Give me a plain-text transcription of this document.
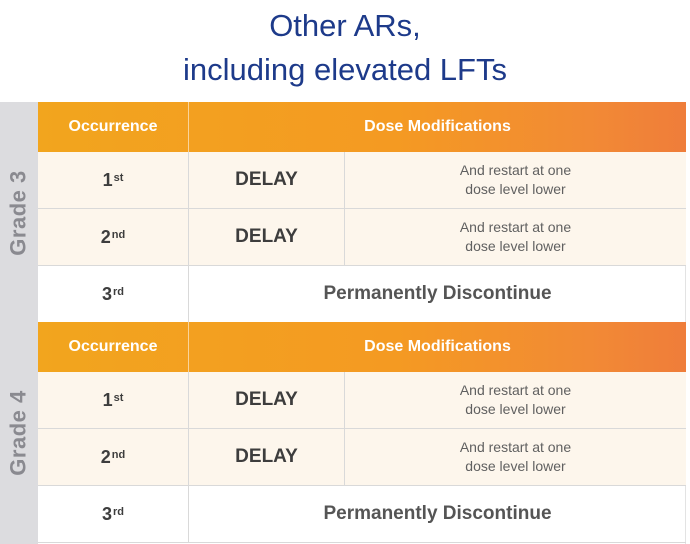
Other ARs,
including elevated LFTs
Grade 3
Occurrence	Dose Modifications
1st	DELAY	And restart at one
dose level lower
2nd	DELAY	And restart at one
dose level lower
3rd	Permanently Discontinue
Grade 4
Occurrence	Dose Modifications
1st	DELAY	And restart at one
dose level lower
2nd	DELAY	And restart at one
dose level lower
3rd	Permanently Discontinue
